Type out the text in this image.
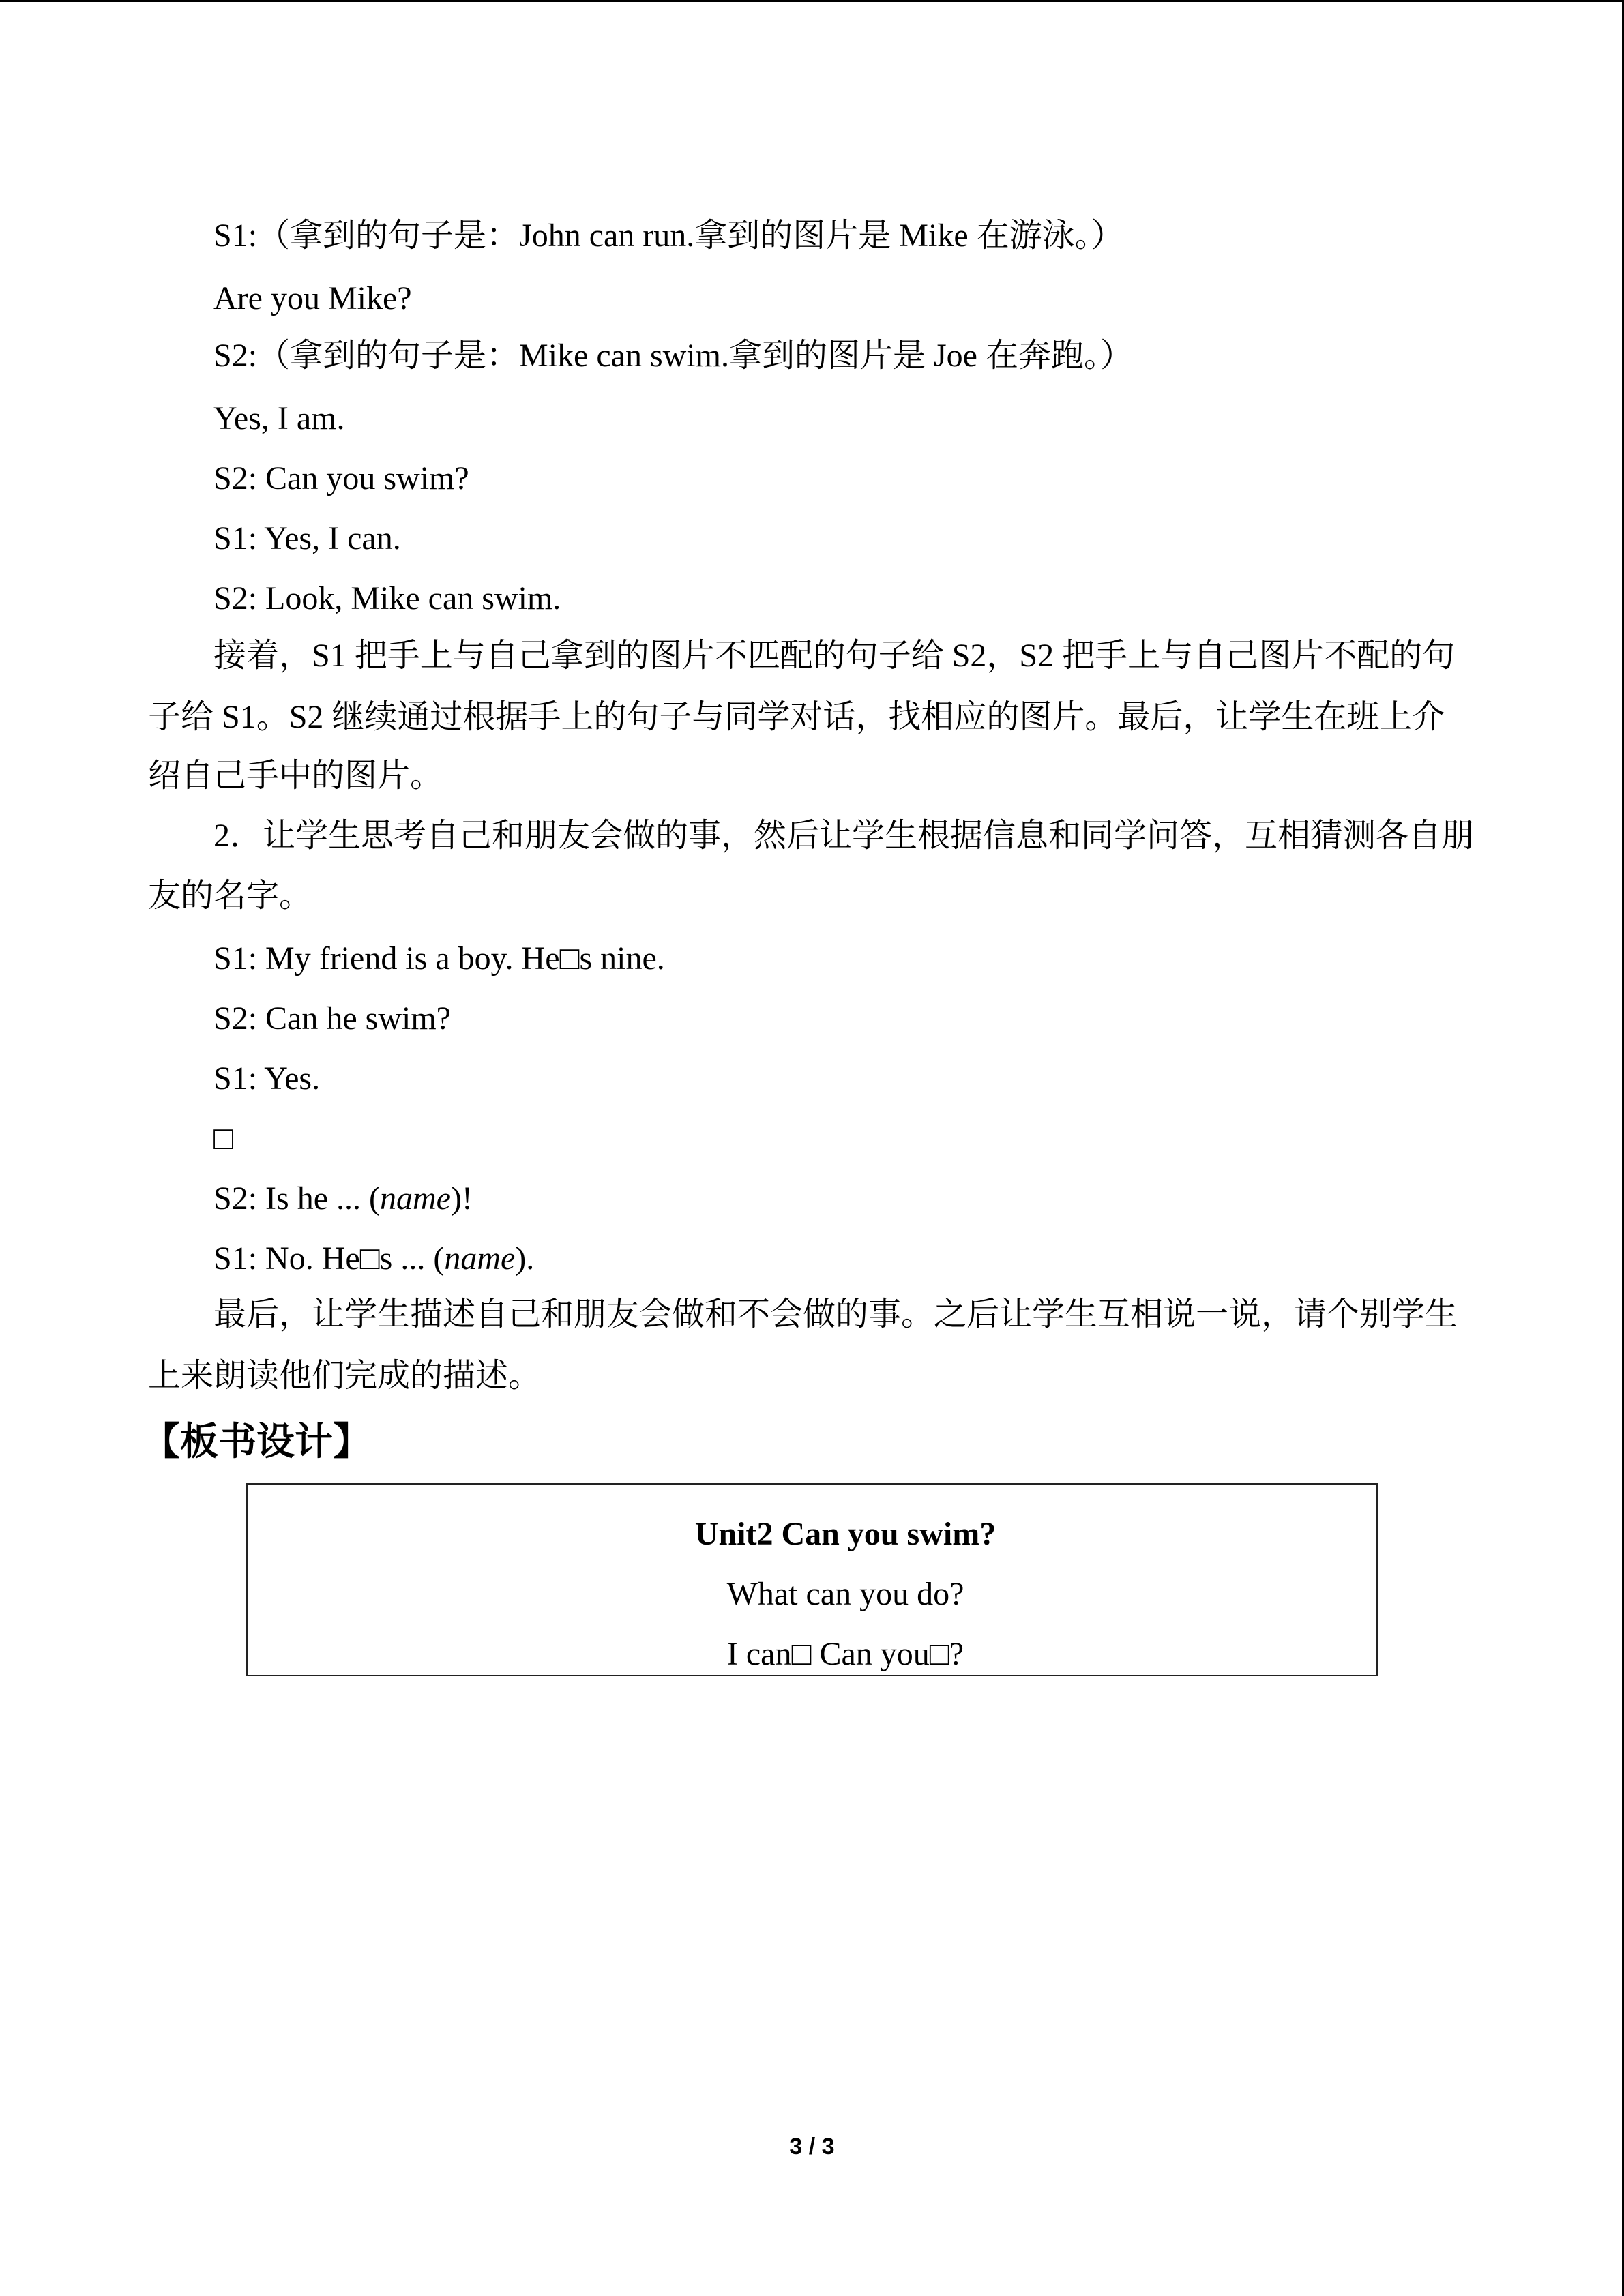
S1:（拿到的句子是：John can run.拿到的图片是 Mike 在游泳。）
Are you Mike?
S2:（拿到的句子是：Mike can swim.拿到的图片是 Joe 在奔跑。）
Yes, I am.
S2: Can you swim?
S1: Yes, I can.
S2: Look, Mike can swim.
接着，S1 把手上与自己拿到的图片不匹配的句子给 S2，S2 把手上与自己图片不配的句
子给 S1。S2 继续通过根据手上的句子与同学对话，找相应的图片。最后，让学生在班上介
绍自己手中的图片。
2．让学生思考自己和朋友会做的事，然后让学生根据信息和同学问答，互相猜测各自朋
友的名字。
S1: My friend is a boy. He□s nine.
S2: Can he swim?
S1: Yes.
□
S2: Is he ... (name)!
S1: No. He□s ... (name).
最后，让学生描述自己和朋友会做和不会做的事。之后让学生互相说一说，请个别学生
上来朗读他们完成的描述。
【板书设计】
Unit2 Can you swim?
What can you do?
I can□ Can you□?
3 / 3
